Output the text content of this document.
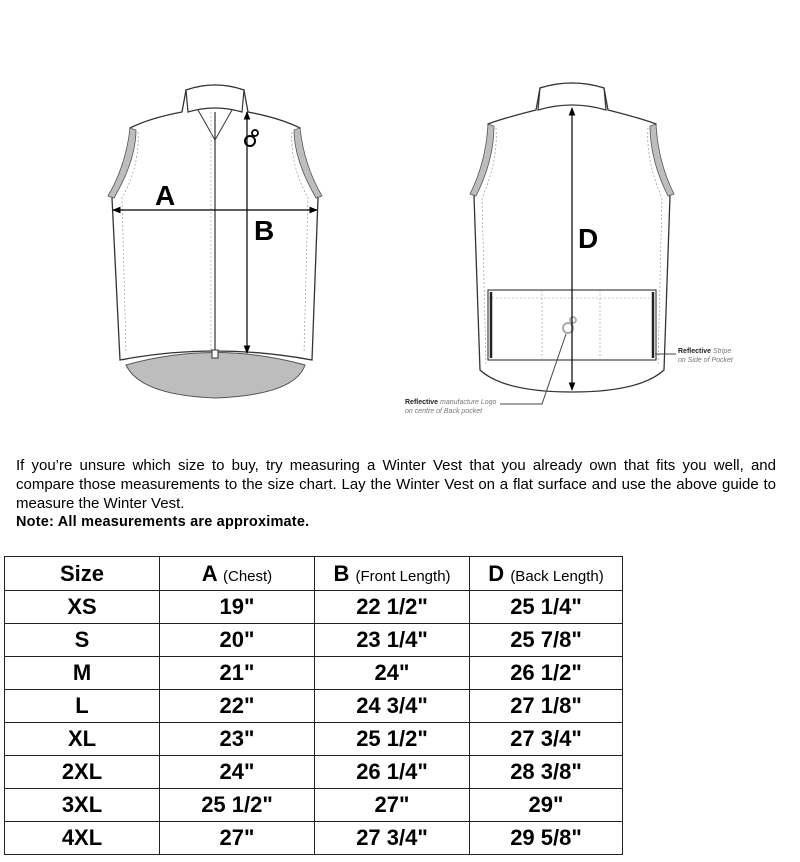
A
B	D
Reflective Stripe
on Side of Pocket
Reflective manufacture Logo
on centre of Back pocket

If you’re unsure which size to buy, try measuring a Winter Vest that you already own that fits you well, and compare those measurements to the size chart. Lay the Winter Vest on a flat surface and use the above guide to measure the Winter Vest.

Note: All measurements are approximate.

Size	A (Chest)	B (Front Length)	D (Back Length)
XS	19"	22 1/2"	25 1/4"
S	20"	23 1/4"	25 7/8"
M	21"	24"	26 1/2"
L	22"	24 3/4"	27 1/8"
XL	23"	25 1/2"	27 3/4"
2XL	24"	26 1/4"	28 3/8"
3XL	25 1/2"	27"	29"
4XL	27"	27 3/4"	29 5/8"
